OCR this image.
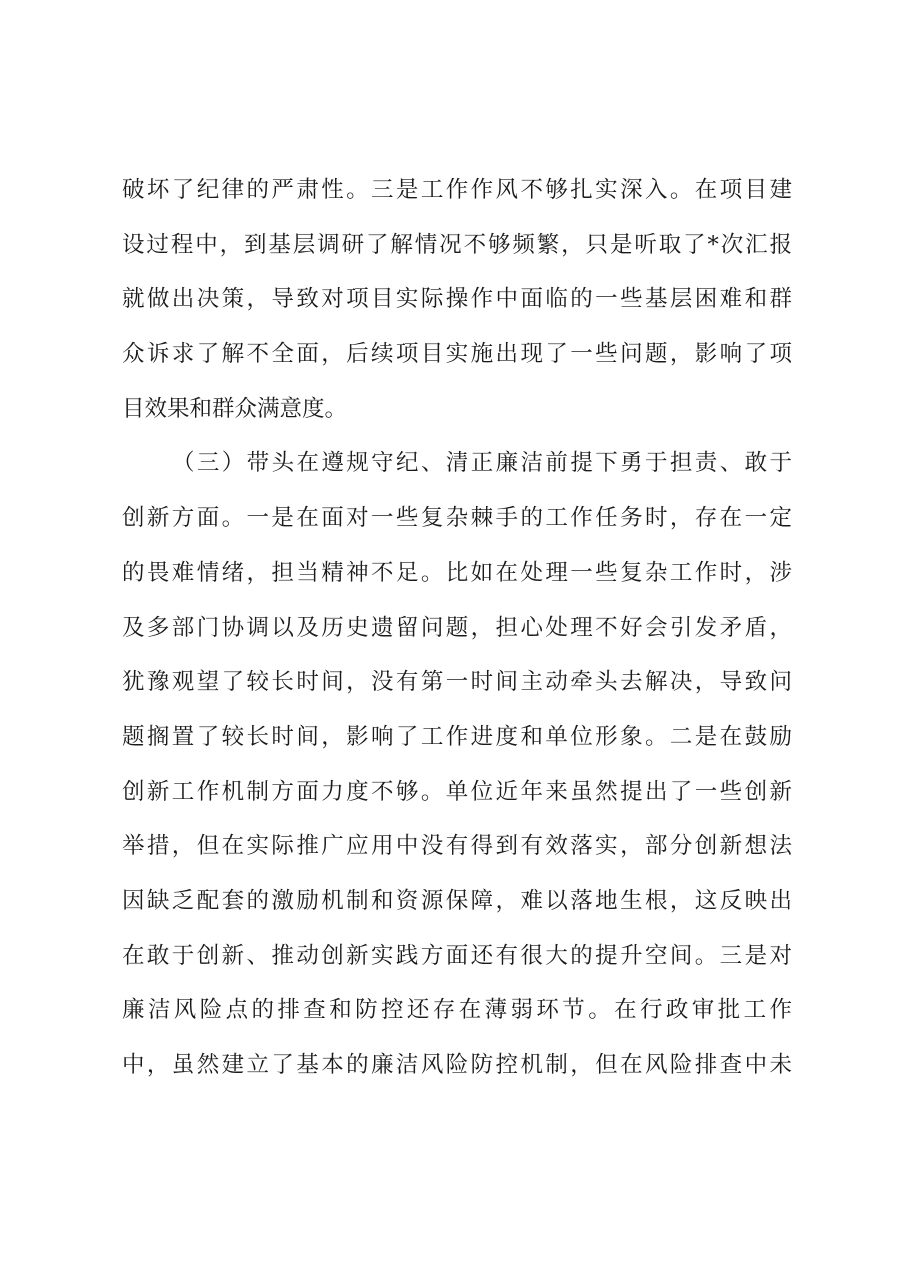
破坏了纪律的严肃性。三是工作作风不够扎实深入。在项目建
设过程中，到基层调研了解情况不够频繁，只是听取了*次汇报
就做出决策，导致对项目实际操作中面临的一些基层困难和群
众诉求了解不全面，后续项目实施出现了一些问题，影响了项
目效果和群众满意度。
（三）带头在遵规守纪、清正廉洁前提下勇于担责、敢于
创新方面。一是在面对一些复杂棘手的工作任务时，存在一定
的畏难情绪，担当精神不足。比如在处理一些复杂工作时，涉
及多部门协调以及历史遗留问题，担心处理不好会引发矛盾，
犹豫观望了较长时间，没有第一时间主动牵头去解决，导致问
题搁置了较长时间，影响了工作进度和单位形象。二是在鼓励
创新工作机制方面力度不够。单位近年来虽然提出了一些创新
举措，但在实际推广应用中没有得到有效落实，部分创新想法
因缺乏配套的激励机制和资源保障，难以落地生根，这反映出
在敢于创新、推动创新实践方面还有很大的提升空间。三是对
廉洁风险点的排查和防控还存在薄弱环节。在行政审批工作
中，虽然建立了基本的廉洁风险防控机制，但在风险排查中未
